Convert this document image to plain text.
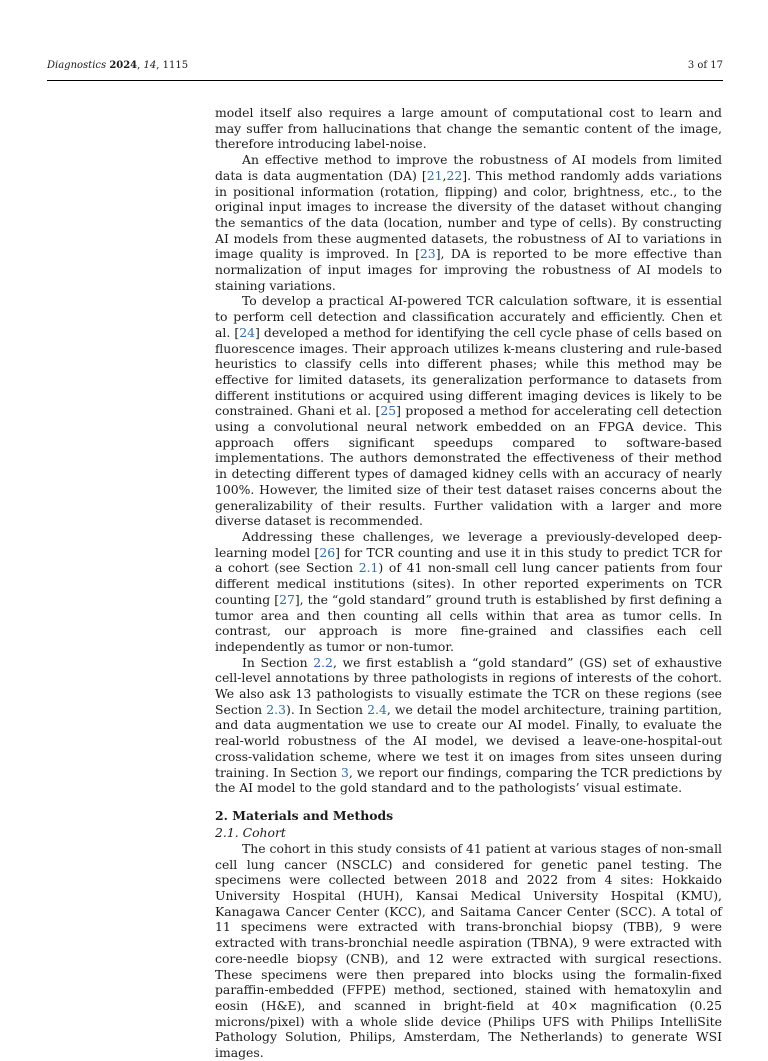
Diagnostics 2024, 14, 1115	3 of 17

model itself also requires a large amount of computational cost to learn and may suffer from hallucinations that change the semantic content of the image, therefore introducing label-noise.

An effective method to improve the robustness of AI models from limited data is data augmentation (DA) [21,22]. This method randomly adds variations in positional information (rotation, flipping) and color, brightness, etc., to the original input images to increase the diversity of the dataset without changing the semantics of the data (location, number and type of cells). By constructing AI models from these augmented datasets, the robustness of AI to variations in image quality is improved. In [23], DA is reported to be more effective than normalization of input images for improving the robustness of AI models to staining variations.

To develop a practical AI-powered TCR calculation software, it is essential to perform cell detection and classification accurately and efficiently. Chen et al. [24] developed a method for identifying the cell cycle phase of cells based on fluorescence images. Their approach utilizes k-means clustering and rule-based heuristics to classify cells into different phases; while this method may be effective for limited datasets, its generalization performance to datasets from different institutions or acquired using different imaging devices is likely to be constrained. Ghani et al. [25] proposed a method for accelerating cell detection using a convolutional neural network embedded on an FPGA device. This approach offers significant speedups compared to software-based implementations. The authors demonstrated the effectiveness of their method in detecting different types of damaged kidney cells with an accuracy of nearly 100%. However, the limited size of their test dataset raises concerns about the generalizability of their results. Further validation with a larger and more diverse dataset is recommended.

Addressing these challenges, we leverage a previously-developed deep-learning model [26] for TCR counting and use it in this study to predict TCR for a cohort (see Section 2.1) of 41 non-small cell lung cancer patients from four different medical institutions (sites). In other reported experiments on TCR counting [27], the “gold standard” ground truth is established by first defining a tumor area and then counting all cells within that area as tumor cells. In contrast, our approach is more fine-grained and classifies each cell independently as tumor or non-tumor.

In Section 2.2, we first establish a “gold standard” (GS) set of exhaustive cell-level annotations by three pathologists in regions of interests of the cohort. We also ask 13 pathologists to visually estimate the TCR on these regions (see Section 2.3). In Section 2.4, we detail the model architecture, training partition, and data augmentation we use to create our AI model. Finally, to evaluate the real-world robustness of the AI model, we devised a leave-one-hospital-out cross-validation scheme, where we test it on images from sites unseen during training. In Section 3, we report our findings, comparing the TCR predictions by the AI model to the gold standard and to the pathologists’ visual estimate.

2. Materials and Methods
2.1. Cohort

The cohort in this study consists of 41 patient at various stages of non-small cell lung cancer (NSCLC) and considered for genetic panel testing. The specimens were collected between 2018 and 2022 from 4 sites: Hokkaido University Hospital (HUH), Kansai Medical University Hospital (KMU), Kanagawa Cancer Center (KCC), and Saitama Cancer Center (SCC). A total of 11 specimens were extracted with trans-bronchial biopsy (TBB), 9 were extracted with trans-bronchial needle aspiration (TBNA), 9 were extracted with core-needle biopsy (CNB), and 12 were extracted with surgical resections. These specimens were then prepared into blocks using the formalin-fixed paraffin-embedded (FFPE) method, sectioned, stained with hematoxylin and eosin (H&E), and scanned in bright-field at 40× magnification (0.25 microns/pixel) with a whole slide device (Philips UFS with Philips IntelliSite Pathology Solution, Philips, Amsterdam, The Netherlands) to generate WSI images.
